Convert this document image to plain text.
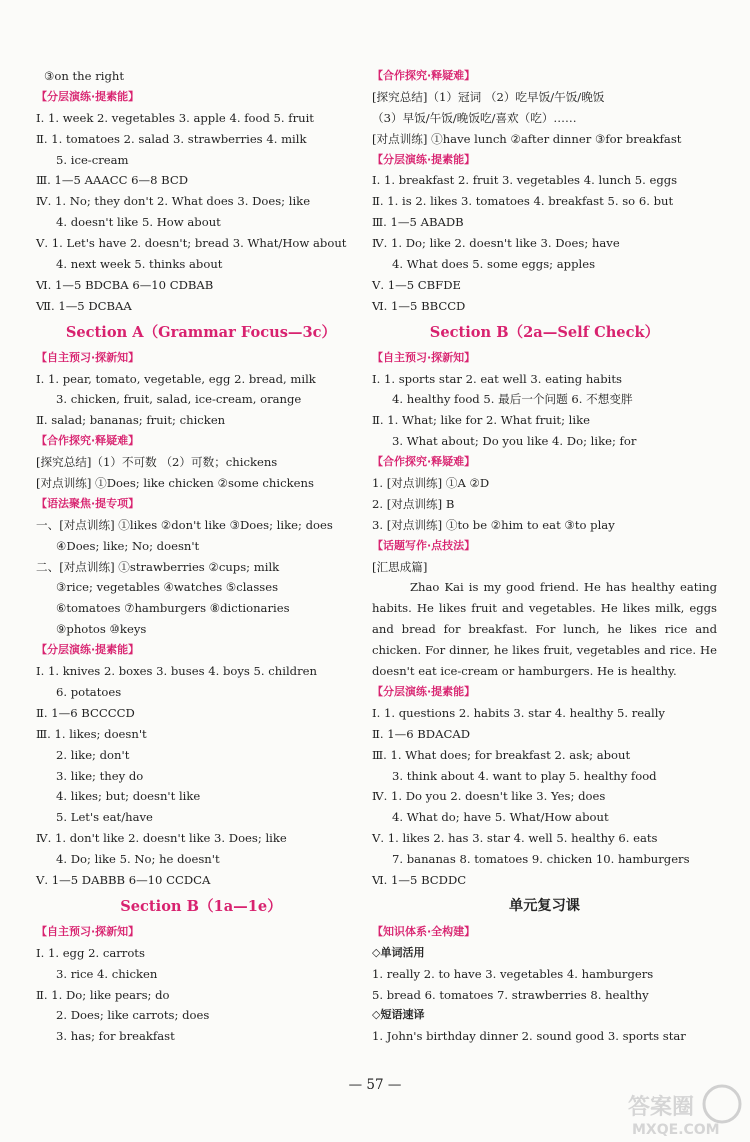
③on the right
【分层演练·提素能】
Ⅰ. 1. week 2. vegetables 3. apple 4. food 5. fruit
Ⅱ. 1. tomatoes 2. salad 3. strawberries 4. milk
5. ice-cream
Ⅲ. 1—5 AAACC 6—8 BCD
Ⅳ. 1. No; they don't 2. What does 3. Does; like
4. doesn't like 5. How about
Ⅴ. 1. Let's have 2. doesn't; bread 3. What/How about
4. next week 5. thinks about
Ⅵ. 1—5 BDCBA 6—10 CDBAB
Ⅶ. 1—5 DCBAA
Section A（Grammar Focus—3c）
【自主预习·探新知】
Ⅰ. 1. pear, tomato, vegetable, egg 2. bread, milk
3. chicken, fruit, salad, ice-cream, orange
Ⅱ. salad; bananas; fruit; chicken
【合作探究·释疑难】
[探究总结]（1）不可数 （2）可数；chickens
[对点训练] ①Does; like chicken ②some chickens
【语法聚焦·提专项】
一、[对点训练] ①likes ②don't like ③Does; like; does
④Does; like; No; doesn't
二、[对点训练] ①strawberries ②cups; milk
③rice; vegetables ④watches ⑤classes
⑥tomatoes ⑦hamburgers ⑧dictionaries
⑨photos ⑩keys
【分层演练·提素能】
Ⅰ. 1. knives 2. boxes 3. buses 4. boys 5. children
6. potatoes
Ⅱ. 1—6 BCCCCD
Ⅲ. 1. likes; doesn't
2. like; don't
3. like; they do
4. likes; but; doesn't like
5. Let's eat/have
Ⅳ. 1. don't like 2. doesn't like 3. Does; like
4. Do; like 5. No; he doesn't
Ⅴ. 1—5 DABBB 6—10 CCDCA
Section B（1a—1e）
【自主预习·探新知】
Ⅰ. 1. egg 2. carrots
3. rice 4. chicken
Ⅱ. 1. Do; like pears; do
2. Does; like carrots; does
3. has; for breakfast
【合作探究·释疑难】
[探究总结]（1）冠词 （2）吃早饭/午饭/晚饭
（3）早饭/午饭/晚饭吃/喜欢（吃）……
[对点训练] ①have lunch ②after dinner ③for breakfast
【分层演练·提素能】
Ⅰ. 1. breakfast 2. fruit 3. vegetables 4. lunch 5. eggs
Ⅱ. 1. is 2. likes 3. tomatoes 4. breakfast 5. so 6. but
Ⅲ. 1—5 ABADB
Ⅳ. 1. Do; like 2. doesn't like 3. Does; have
4. What does 5. some eggs; apples
Ⅴ. 1—5 CBFDE
Ⅵ. 1—5 BBCCD
Section B（2a—Self Check）
【自主预习·探新知】
Ⅰ. 1. sports star 2. eat well 3. eating habits
4. healthy food 5. 最后一个问题 6. 不想变胖
Ⅱ. 1. What; like for 2. What fruit; like
3. What about; Do you like 4. Do; like; for
【合作探究·释疑难】
1. [对点训练] ①A ②D
2. [对点训练] B
3. [对点训练] ①to be ②him to eat ③to play
【话题写作·点技法】
[汇思成篇]
Zhao Kai is my good friend. He has healthy eating habits. He likes fruit and vegetables. He likes milk, eggs and bread for breakfast. For lunch, he likes rice and chicken. For dinner, he likes fruit, vegetables and rice. He doesn't eat ice-cream or hamburgers. He is healthy.
【分层演练·提素能】
Ⅰ. 1. questions 2. habits 3. star 4. healthy 5. really
Ⅱ. 1—6 BDACAD
Ⅲ. 1. What does; for breakfast 2. ask; about
3. think about 4. want to play 5. healthy food
Ⅳ. 1. Do you 2. doesn't like 3. Yes; does
4. What do; have 5. What/How about
Ⅴ. 1. likes 2. has 3. star 4. well 5. healthy 6. eats
7. bananas 8. tomatoes 9. chicken 10. hamburgers
Ⅵ. 1—5 BCDDC
单元复习课
【知识体系·全构建】
◇单词活用
1. really 2. to have 3. vegetables 4. hamburgers
5. bread 6. tomatoes 7. strawberries 8. healthy
◇短语速译
1. John's birthday dinner 2. sound good 3. sports star
— 57 —
答案圈
MXQE.COM
